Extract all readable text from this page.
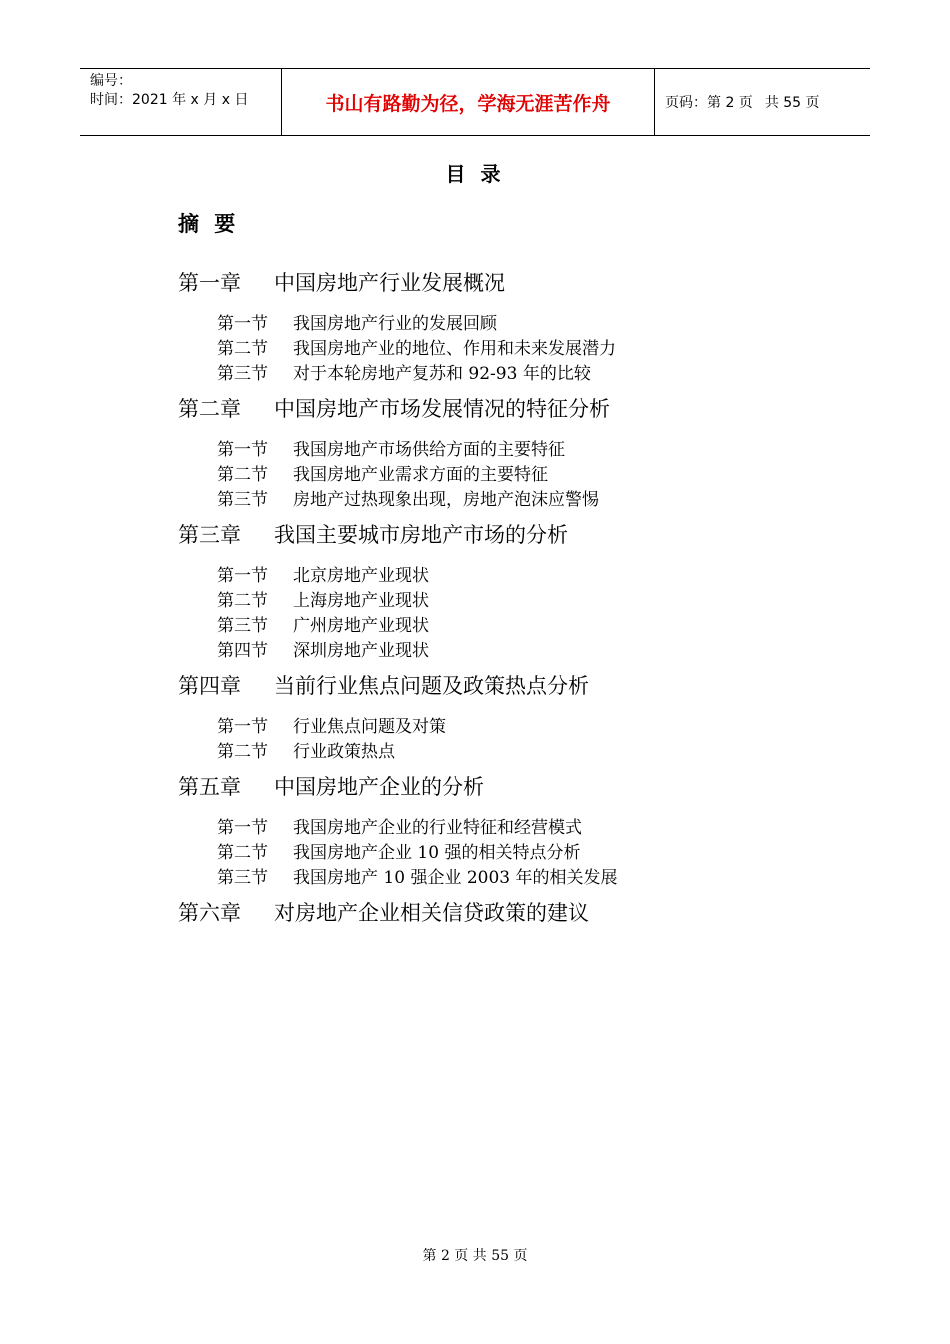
编号：
时间：2021 年 x 月 x 日	书山有路勤为径，学海无涯苦作舟	页码：第 2 页 共 55 页
目 录
摘 要
第一章 中国房地产行业发展概况
第一节 我国房地产行业的发展回顾
第二节 我国房地产业的地位、作用和未来发展潜力
第三节 对于本轮房地产复苏和 92-93 年的比较
第二章 中国房地产市场发展情况的特征分析
第一节 我国房地产市场供给方面的主要特征
第二节 我国房地产业需求方面的主要特征
第三节 房地产过热现象出现，房地产泡沫应警惕
第三章 我国主要城市房地产市场的分析
第一节 北京房地产业现状
第二节 上海房地产业现状
第三节 广州房地产业现状
第四节 深圳房地产业现状
第四章 当前行业焦点问题及政策热点分析
第一节 行业焦点问题及对策
第二节 行业政策热点
第五章 中国房地产企业的分析
第一节 我国房地产企业的行业特征和经营模式
第二节 我国房地产企业 10 强的相关特点分析
第三节 我国房地产 10 强企业 2003 年的相关发展
第六章 对房地产企业相关信贷政策的建议
第 2 页 共 55 页
